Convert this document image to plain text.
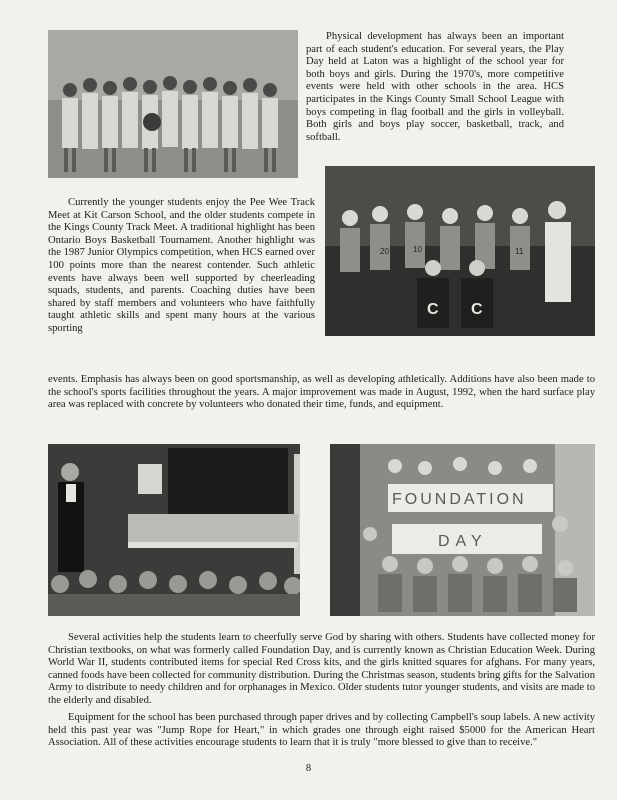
Physical development has always been an important part of each student's education. For several years, the Play Day held at Laton was a highlight of the school year for both boys and girls. During the 1970's, more competitive events were held with other schools in the area. HCS participates in the Kings County Small School League with boys competing in flag football and the girls in volleyball. Both girls and boys play soccer, basketball, track, and softball.

20	10	11
C C

Currently the younger students enjoy the Pee Wee Track Meet at Kit Carson School, and the older students compete in the Kings County Track Meet. A traditional highlight has been Ontario Boys Basketball Tournament. Another highlight was the 1987 Junior Olympics competition, when HCS earned over 100 points more than the nearest contender. Such athletic events have always been well supported by cheerleading squads, students, and parents. Coaching duties have been shared by staff members and volunteers who have faithfully taught athletic skills and spent many hours at the various sporting

events. Emphasis has always been on good sportsmanship, as well as developing athletically. Additions have also been made to the school's sports facilities throughout the years. A major improvement was made in August, 1992, when the hard surface play area was replaced with concrete by volunteers who donated their time, funds, and equipment.

FOUNDATION
DAY

Several activities help the students learn to cheerfully serve God by sharing with others. Students have collected money for Christian textbooks, on what was formerly called Foundation Day, and is currently known as Christian Education Week. During World War II, students contributed items for special Red Cross kits, and the girls knitted squares for afghans. For many years, canned foods have been collected for community distribution. During the Christmas season, students bring gifts for the Salvation Army to distribute to needy children and for orphanages in Mexico. Older students tutor younger students, and visits are made to the elderly and disabled.

Equipment for the school has been purchased through paper drives and by collecting Campbell's soup labels. A new activity held this past year was "Jump Rope for Heart," in which grades one through eight raised $5000 for the American Heart Association. All of these activities encourage students to learn that it is truly "more blessed to give than to receive."

8
